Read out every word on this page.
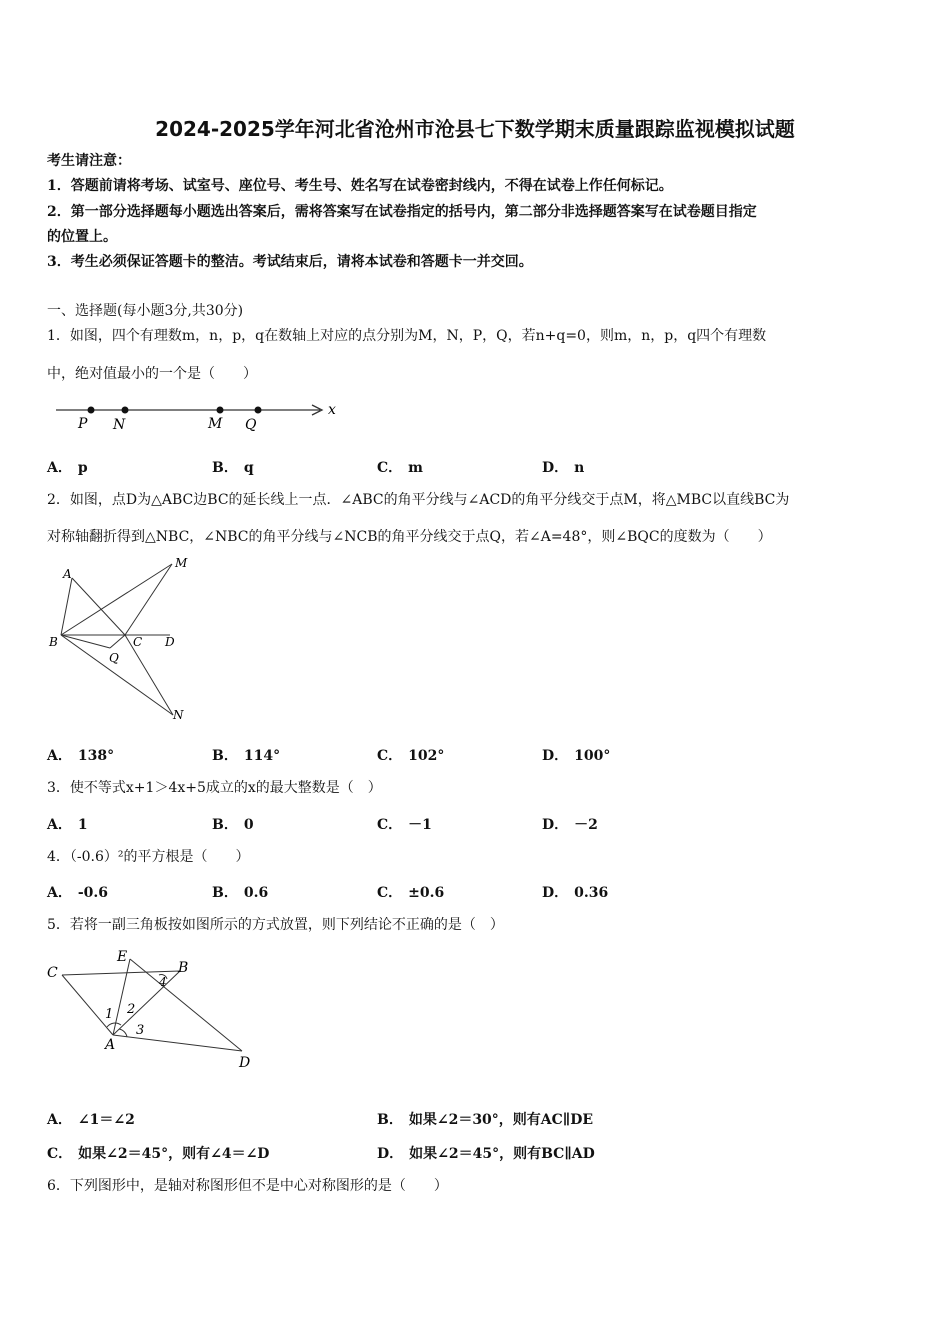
2024-2025学年河北省沧州市沧县七下数学期末质量跟踪监视模拟试题
考生请注意：
1．答题前请将考场、试室号、座位号、考生号、姓名写在试卷密封线内，不得在试卷上作任何标记。
2．第一部分选择题每小题选出答案后，需将答案写在试卷指定的括号内，第二部分非选择题答案写在试卷题目指定
的位置上。
3．考生必须保证答题卡的整洁。考试结束后，请将本试卷和答题卡一并交回。
一、选择题(每小题3分,共30分)
1．如图，四个有理数m，n，p，q在数轴上对应的点分别为M，N，P，Q，若n+q=0，则m，n，p，q四个有理数
中，绝对值最小的一个是（　　）
x
P N	M Q
A． p	B． q	C． m	D． n
2．如图，点D为△ABC边BC的延长线上一点．∠ABC的角平分线与∠ACD的角平分线交于点M，将△MBC以直线BC为
对称轴翻折得到△NBC，∠NBC的角平分线与∠NCB的角平分线交于点Q，若∠A=48°，则∠BQC的度数为（　　）
A
M
B	C D
Q
N
A． 138°	B． 114°	C． 102°	D． 100°
3．使不等式x+1＞4x+5成立的x的最大整数是（　）
A． 1	B． 0	C． －1	D． －2
4．（-0.6）²的平方根是（　　）
A． -0.6	B． 0.6	C． ±0.6	D． 0.36
5．若将一副三角板按如图所示的方式放置，则下列结论不正确的是（　）
C
E
B
A
D
1 2
3
4
A． ∠1＝∠2	B． 如果∠2＝30°，则有AC∥DE
C． 如果∠2＝45°，则有∠4＝∠D	D． 如果∠2＝45°，则有BC∥AD
6．下列图形中，是轴对称图形但不是中心对称图形的是（　　）
